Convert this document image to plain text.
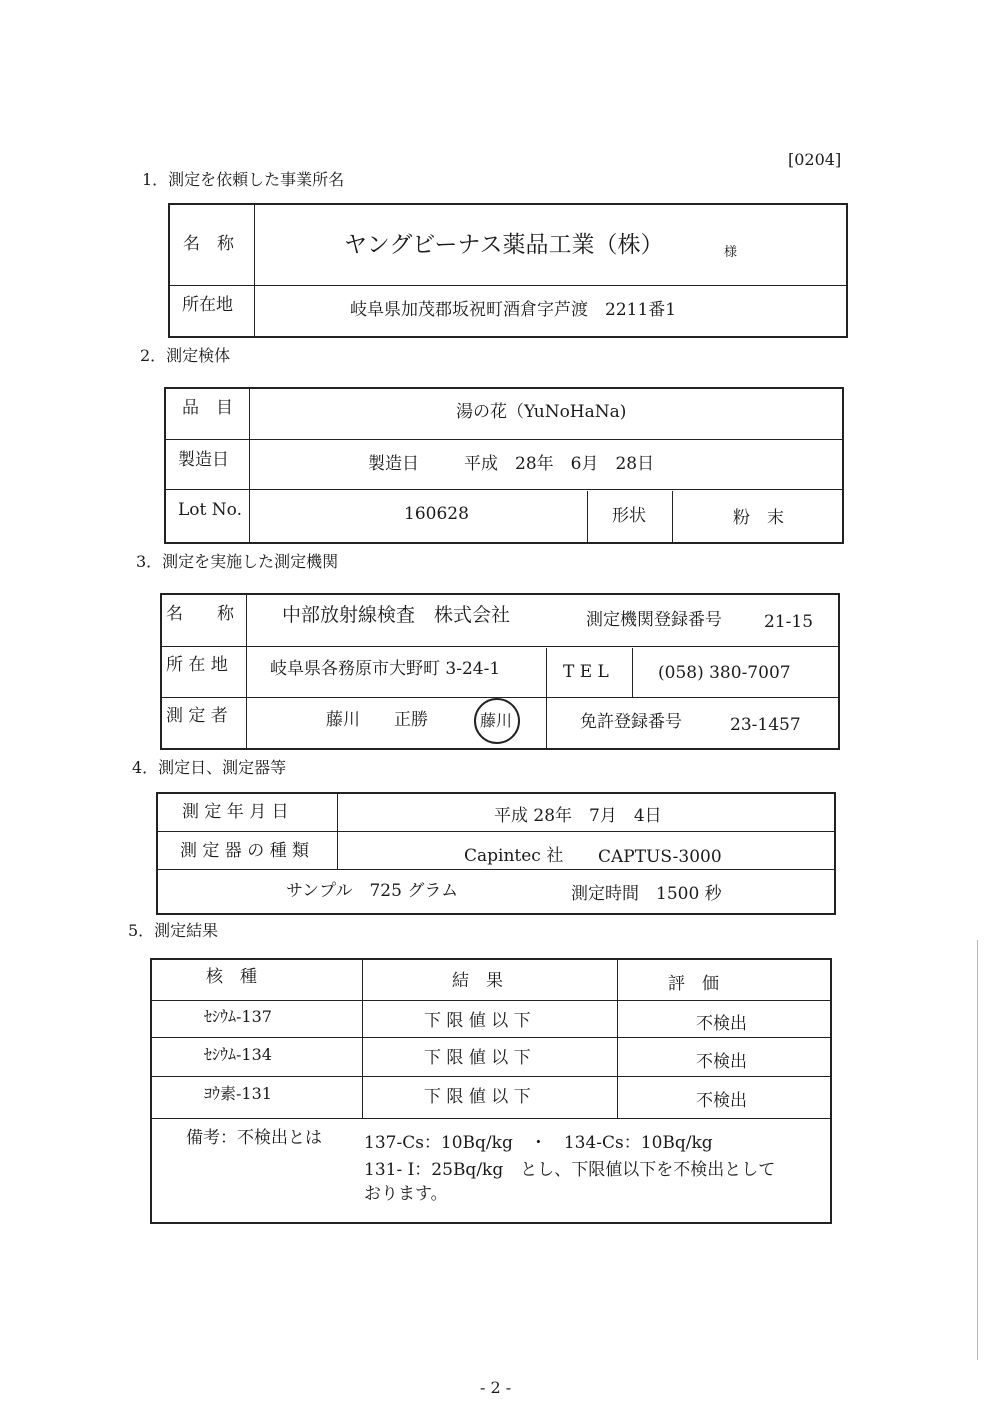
[0204]
1．測定を依頼した事業所名
名　称	ヤングビーナス薬品工業（株）	様
所在地	岐阜県加茂郡坂祝町酒倉字芦渡　2211番1
2．測定検体
品　目	湯の花（YuNoHaNa)
製造日	製造日	平成　28年　6月　28日
Lot No.	160628	形状	粉　末
3．測定を実施した測定機関
名　　称	中部放射線検査　株式会社	測定機関登録番号 21-15
所 在 地 岐阜県各務原市大野町 3-24-1	T E L	(058) 380-7007
測 定 者	藤川　　正勝	藤川	免許登録番号	23-1457
4．測定日、測定器等
測 定 年 月 日	平成 28年　7月　4日
測 定 器 の 種 類	Capintec 社 CAPTUS-3000
サンプル　725 グラム	測定時間　1500 秒
5．測定結果
核　種	結　果	評　価
ｾｼｳﾑ-137	下 限 値 以 下	不検出
ｾｼｳﾑ-134	下 限 値 以 下	不検出
ﾖｳ素-131	下 限 値 以 下	不検出
備考：不検出とは 137-Cs：10Bq/kg　・　134-Cs：10Bq/kg
131- I：25Bq/kg　とし、下限値以下を不検出として
おります。
- 2 -
